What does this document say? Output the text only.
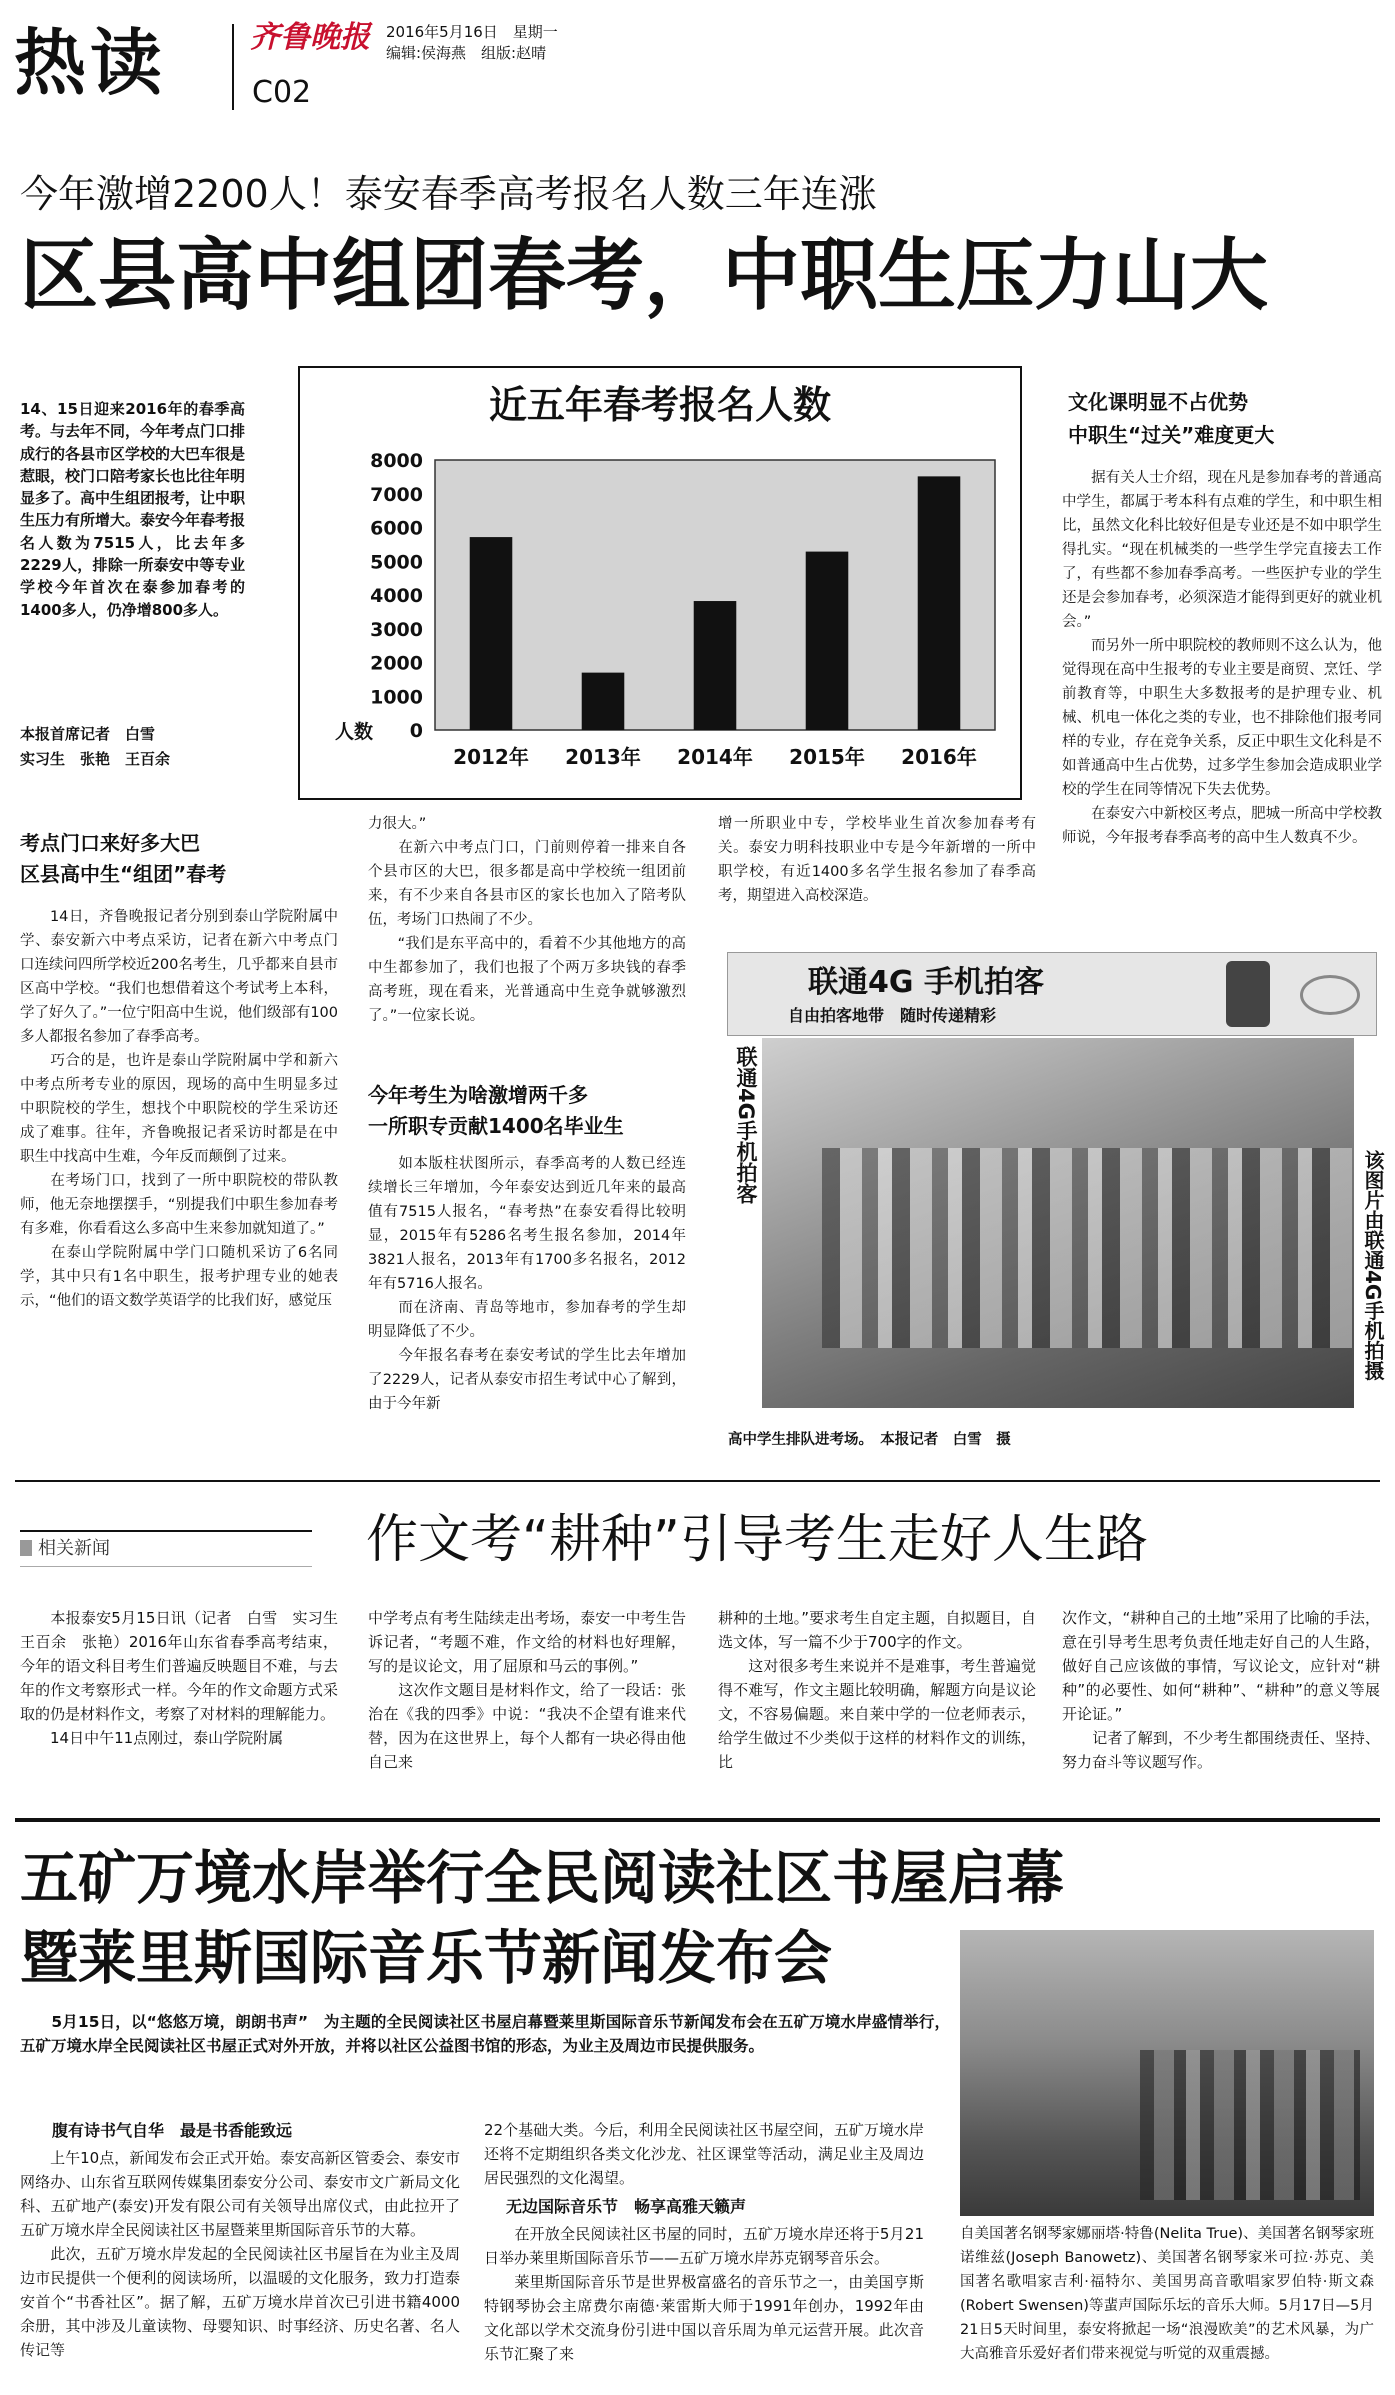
热读	齐鲁晚报
C02
2016年5月16日　星期一
编辑:侯海燕　组版:赵晴
今年激增2200人！泰安春季高考报名人数三年连涨
区县高中组团春考，中职生压力山大

14、15日迎来2016年的春季高考。与去年不同，今年考点门口排成行的各县市区学校的大巴车很是惹眼，校门口陪考家长也比往年明显多了。高中生组团报考，让中职生压力有所增大。泰安今年春考报名人数为7515人，比去年多2229人，排除一所泰安中等专业学校今年首次在泰参加春考的1400多人，仍净增800多人。

本报首席记者　白雪
实习生　张艳　王百余
近五年春考报名人数
0
1000
2000
3000
4000
5000
6000
7000
8000
2012年 2013年 2014年 2015年 2016年
人数

考点门口来好多大巴
区县高中生“组团”春考

　　14日，齐鲁晚报记者分别到泰山学院附属中学、泰安新六中考点采访，记者在新六中考点门口连续问四所学校近200名考生，几乎都来自县市区高中学校。“我们也想借着这个考试考上本科，学了好久了。”一位宁阳高中生说，他们级部有100多人都报名参加了春季高考。
　　巧合的是，也许是泰山学院附属中学和新六中考点所考专业的原因，现场的高中生明显多过中职院校的学生，想找个中职院校的学生采访还成了难事。往年，齐鲁晚报记者采访时都是在中职生中找高中生难，今年反而颠倒了过来。
　　在考场门口，找到了一所中职院校的带队教师，他无奈地摆摆手，“别提我们中职生参加春考有多难，你看看这么多高中生来参加就知道了。”
　　在泰山学院附属中学门口随机采访了6名同学，其中只有1名中职生，报考护理专业的她表示，“他们的语文数学英语学的比我们好，感觉压

力很大。”
　　在新六中考点门口，门前则停着一排来自各个县市区的大巴，很多都是高中学校统一组团前来，有不少来自各县市区的家长也加入了陪考队伍，考场门口热闹了不少。
　　“我们是东平高中的，看着不少其他地方的高中生都参加了，我们也报了个两万多块钱的春季高考班，现在看来，光普通高中生竞争就够激烈了。”一位家长说。

今年考生为啥激增两千多
一所职专贡献1400名毕业生

　　如本版柱状图所示，春季高考的人数已经连续增长三年增加，今年泰安达到近几年来的最高值有7515人报名，“春考热”在泰安看得比较明显，2015年有5286名考生报名参加，2014年3821人报名，2013年有1700多名报名，2012年有5716人报名。
　　而在济南、青岛等地市，参加春考的学生却明显降低了不少。
　　今年报名春考在泰安考试的学生比去年增加了2229人，记者从泰安市招生考试中心了解到，由于今年新

增一所职业中专，学校毕业生首次参加春考有关。泰安力明科技职业中专是今年新增的一所中职学校，有近1400多名学生报名参加了春季高考，期望进入高校深造。

文化课明显不占优势
中职生“过关”难度更大

　　据有关人士介绍，现在凡是参加春考的普通高中学生，都属于考本科有点难的学生，和中职生相比，虽然文化科比较好但是专业还是不如中职学生得扎实。“现在机械类的一些学生学完直接去工作了，有些都不参加春季高考。一些医护专业的学生还是会参加春考，必须深造才能得到更好的就业机会。”
　　而另外一所中职院校的教师则不这么认为，他觉得现在高中生报考的专业主要是商贸、烹饪、学前教育等，中职生大多数报考的是护理专业、机械、机电一体化之类的专业，也不排除他们报考同样的专业，存在竞争关系，反正中职生文化科是不如普通高中生占优势，过多学生参加会造成职业学校的学生在同等情况下失去优势。
　　在泰安六中新校区考点，肥城一所高中学校教师说，今年报考春季高考的高中生人数真不少。

联通4G 手机拍客
自由拍客地带　随时传递精彩
联通4G手机拍客
该图片由联通4G手机拍摄
高中学生排队进考场。　本报记者　白雪　摄
相关新闻	作文考“耕种”引导考生走好人生路

　　本报泰安5月15日讯（记者　白雪　实习生　王百余　张艳）2016年山东省春季高考结束，今年的语文科目考生们普遍反映题目不难，与去年的作文考察形式一样。今年的作文命题方式采取的仍是材料作文，考察了对材料的理解能力。
　　14日中午11点刚过，泰山学院附属

中学考点有考生陆续走出考场，泰安一中考生告诉记者，“考题不难，作文给的材料也好理解，写的是议论文，用了屈原和马云的事例。”
　　这次作文题目是材料作文，给了一段话：张治在《我的四季》中说：“我决不企望有谁来代替，因为在这世界上，每个人都有一块必得由他自己来

耕种的土地。”要求考生自定主题，自拟题目，自选文体，写一篇不少于700字的作文。
　　这对很多考生来说并不是难事，考生普遍觉得不难写，作文主题比较明确，解题方向是议论文，不容易偏题。来自莱中学的一位老师表示，给学生做过不少类似于这样的材料作文的训练，比

次作文，“耕种自己的土地”采用了比喻的手法，意在引导考生思考负责任地走好自己的人生路，做好自己应该做的事情，写议论文，应针对“耕种”的必要性、如何“耕种”、“耕种”的意义等展开论证。”
　　记者了解到，不少考生都围绕责任、坚持、努力奋斗等议题写作。

五矿万境水岸举行全民阅读社区书屋启幕
暨莱里斯国际音乐节新闻发布会

　　5月15日，以“悠悠万境，朗朗书声”　为主题的全民阅读社区书屋启幕暨莱里斯国际音乐节新闻发布会在五矿万境水岸盛情举行，五矿万境水岸全民阅读社区书屋正式对外开放，并将以社区公益图书馆的形态，为业主及周边市民提供服务。

自美国著名钢琴家娜丽塔·特鲁(Nelita True)、美国著名钢琴家班诺维兹(Joseph Banowetz)、美国著名钢琴家米可拉·苏克、美国著名歌唱家吉利·福特尔、美国男高音歌唱家罗伯特·斯文森(Robert Swensen)等蜚声国际乐坛的音乐大师。5月17日—5月21日5天时间里，泰安将掀起一场“浪漫欧美”的艺术风暴，为广大高雅音乐爱好者们带来视觉与听觉的双重震撼。

腹有诗书气自华　最是书香能致远

　　上午10点，新闻发布会正式开始。泰安高新区管委会、泰安市网络办、山东省互联网传媒集团泰安分公司、泰安市文广新局文化科、五矿地产(泰安)开发有限公司有关领导出席仪式，由此拉开了五矿万境水岸全民阅读社区书屋暨莱里斯国际音乐节的大幕。
　　此次，五矿万境水岸发起的全民阅读社区书屋旨在为业主及周边市民提供一个便利的阅读场所，以温暖的文化服务，致力打造泰安首个“书香社区”。据了解，五矿万境水岸首次已引进书籍4000余册，其中涉及儿童读物、母婴知识、时事经济、历史名著、名人传记等

22个基础大类。今后，利用全民阅读社区书屋空间，五矿万境水岸还将不定期组织各类文化沙龙、社区课堂等活动，满足业主及周边居民强烈的文化渴望。

无边国际音乐节　畅享高雅天籁声

　　在开放全民阅读社区书屋的同时，五矿万境水岸还将于5月21日举办莱里斯国际音乐节——五矿万境水岸苏克钢琴音乐会。
　　莱里斯国际音乐节是世界极富盛名的音乐节之一，由美国亨斯特钢琴协会主席费尔南德·莱雷斯大师于1991年创办，1992年由文化部以学术交流身份引进中国以音乐周为单元运营开展。此次音乐节汇聚了来
